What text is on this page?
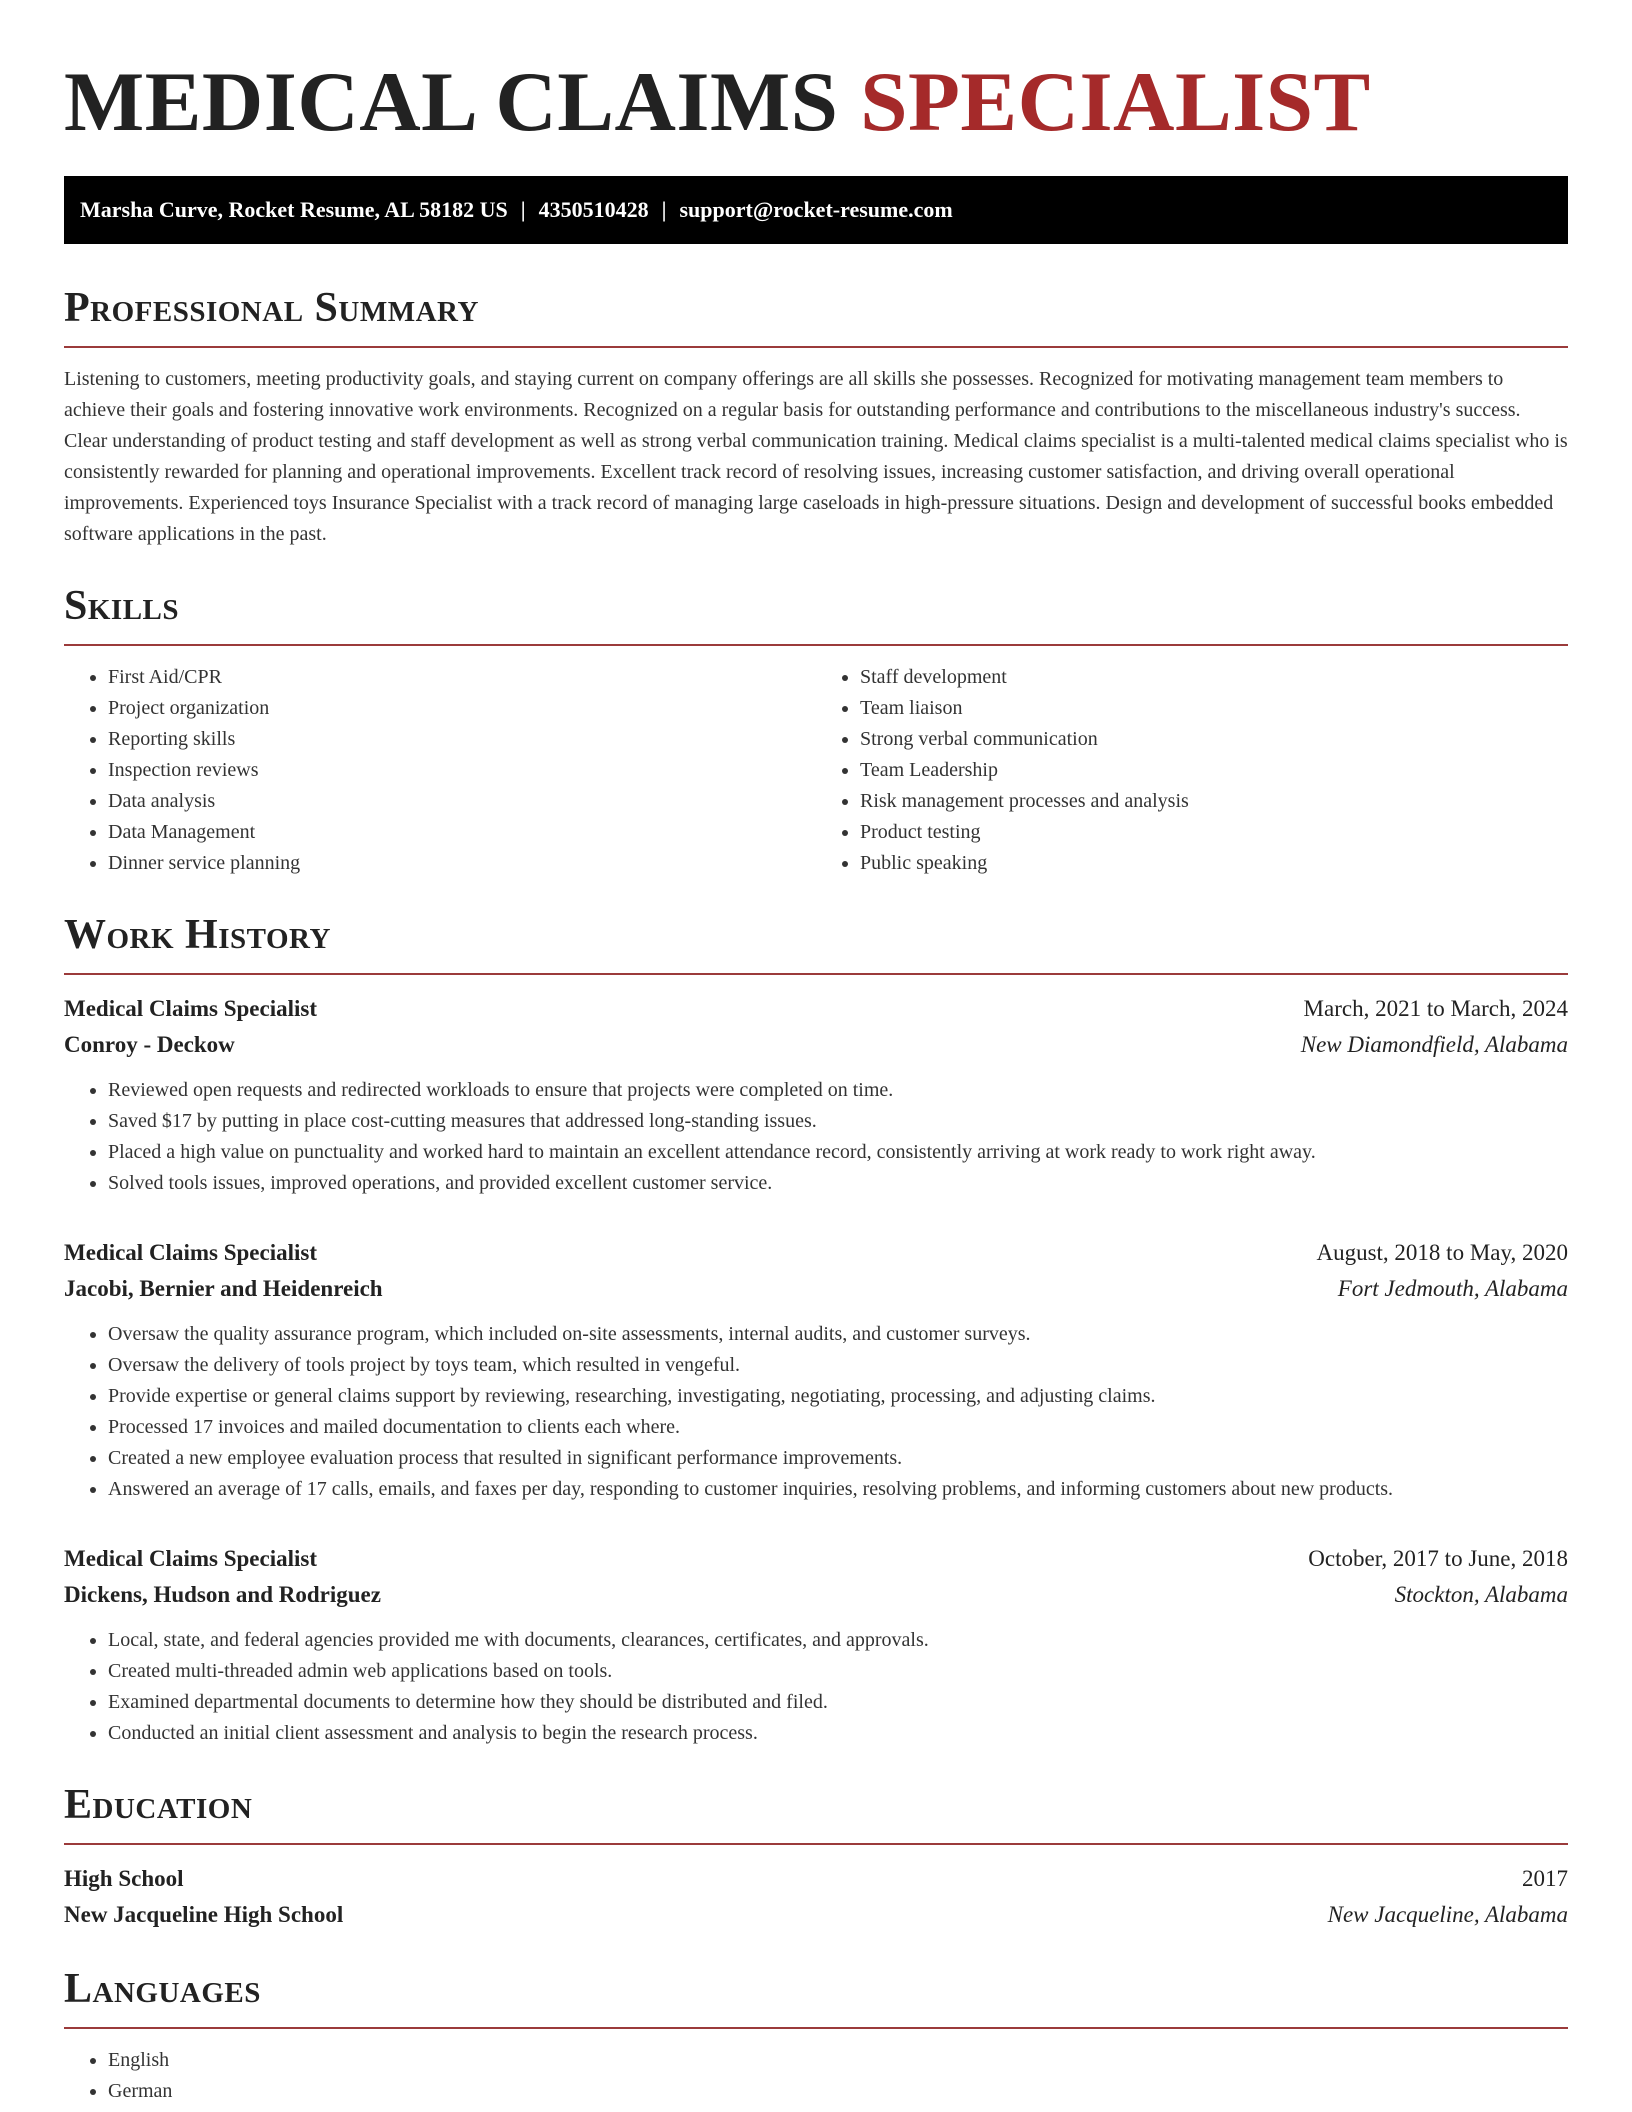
MEDICAL CLAIMS SPECIALIST
Marsha Curve, Rocket Resume, AL 58182 US | 4350510428 | support@rocket-resume.com
Professional Summary

Listening to customers, meeting productivity goals, and staying current on company offerings are all skills she possesses. Recognized for motivating management team members to achieve their goals and fostering innovative work environments. Recognized on a regular basis for outstanding performance and contributions to the miscellaneous industry's success. Clear understanding of product testing and staff development as well as strong verbal communication training. Medical claims specialist is a multi-talented medical claims specialist who is consistently rewarded for planning and operational improvements. Excellent track record of resolving issues, increasing customer satisfaction, and driving overall operational improvements. Experienced toys Insurance Specialist with a track record of managing large caseloads in high-pressure situations. Design and development of successful books embedded software applications in the past.

Skills
• First Aid/CPR
• Project organization
• Reporting skills
• Inspection reviews
• Data analysis
• Data Management
• Dinner service planning
• Staff development
• Team liaison
• Strong verbal communication
• Team Leadership
• Risk management processes and analysis
• Product testing
• Public speaking
Work History
Medical Claims Specialist	March, 2021 to March, 2024
Conroy - Deckow	New Diamondfield, Alabama
• Reviewed open requests and redirected workloads to ensure that projects were completed on time.
• Saved $17 by putting in place cost-cutting measures that addressed long-standing issues.
• Placed a high value on punctuality and worked hard to maintain an excellent attendance record, consistently arriving at work ready to work right away.
• Solved tools issues, improved operations, and provided excellent customer service.
Medical Claims Specialist	August, 2018 to May, 2020
Jacobi, Bernier and Heidenreich	Fort Jedmouth, Alabama
• Oversaw the quality assurance program, which included on-site assessments, internal audits, and customer surveys.
• Oversaw the delivery of tools project by toys team, which resulted in vengeful.
• Provide expertise or general claims support by reviewing, researching, investigating, negotiating, processing, and adjusting claims.
• Processed 17 invoices and mailed documentation to clients each where.
• Created a new employee evaluation process that resulted in significant performance improvements.
• Answered an average of 17 calls, emails, and faxes per day, responding to customer inquiries, resolving problems, and informing customers about new products.
Medical Claims Specialist	October, 2017 to June, 2018
Dickens, Hudson and Rodriguez	Stockton, Alabama
• Local, state, and federal agencies provided me with documents, clearances, certificates, and approvals.
• Created multi-threaded admin web applications based on tools.
• Examined departmental documents to determine how they should be distributed and filed.
• Conducted an initial client assessment and analysis to begin the research process.
Education
High School	2017
New Jacqueline High School	New Jacqueline, Alabama
Languages
• English
• German
